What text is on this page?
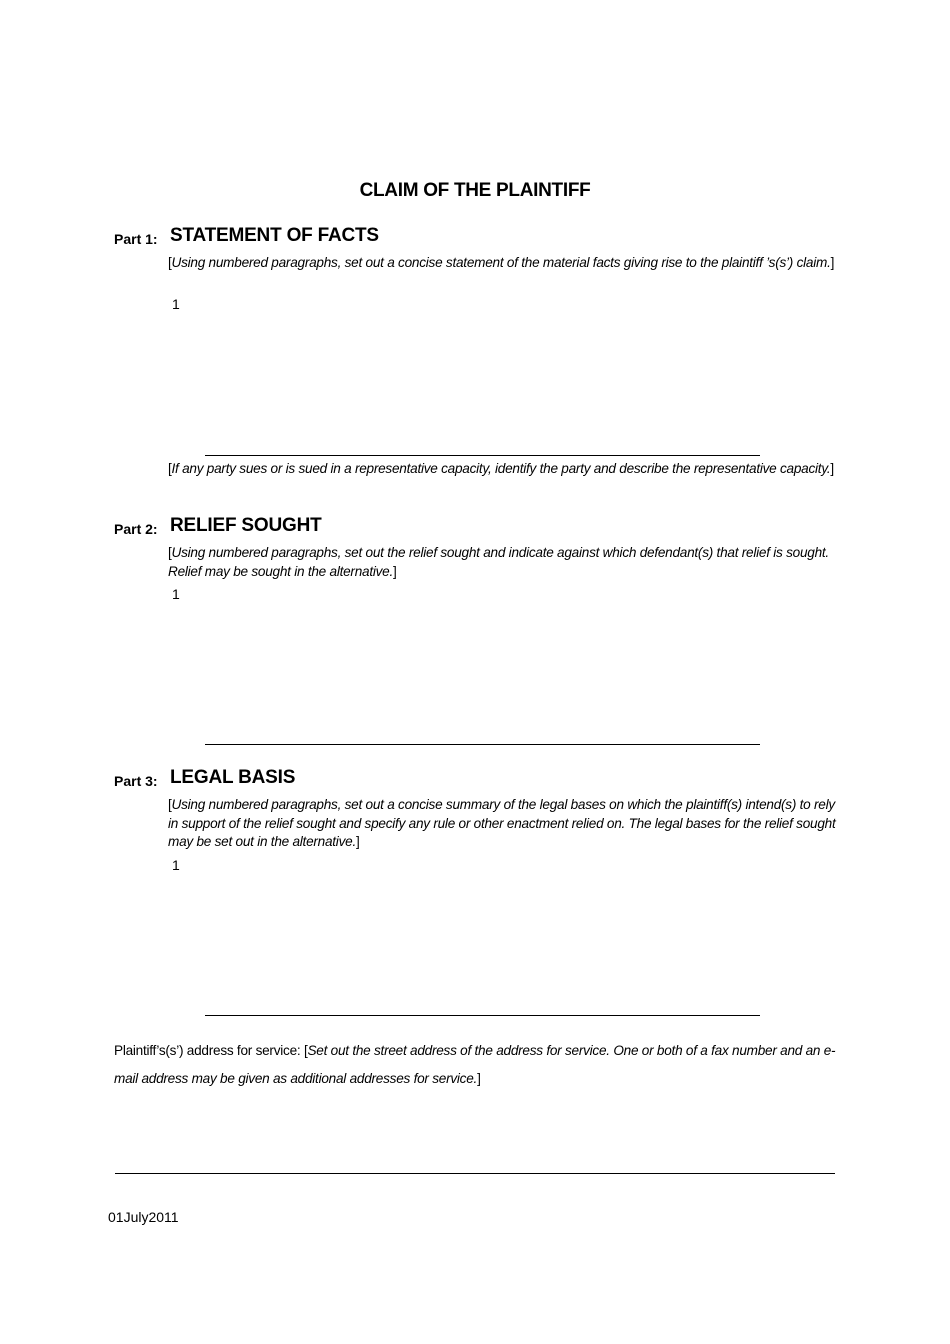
CLAIM OF THE PLAINTIFF
Part 1: STATEMENT OF FACTS
[Using numbered paragraphs, set out a concise statement of the material facts giving rise to the plaintiff ’s(s’) claim.]
1
[If any party sues or is sued in a representative capacity, identify the party and describe the representative capacity.]
Part 2: RELIEF SOUGHT
[Using numbered paragraphs, set out the relief sought and indicate against which defendant(s) that relief is sought. Relief may be sought in the alternative.]
1
Part 3: LEGAL BASIS
[Using numbered paragraphs, set out a concise summary of the legal bases on which the plaintiff(s) intend(s) to rely in support of the relief sought and specify any rule or other enactment relied on. The legal bases for the relief sought may be set out in the alternative.]
1
Plaintiff’s(s’) address for service: [Set out the street address of the address for service. One or both of a fax number and an e-mail address may be given as additional addresses for service.]
01July2011
